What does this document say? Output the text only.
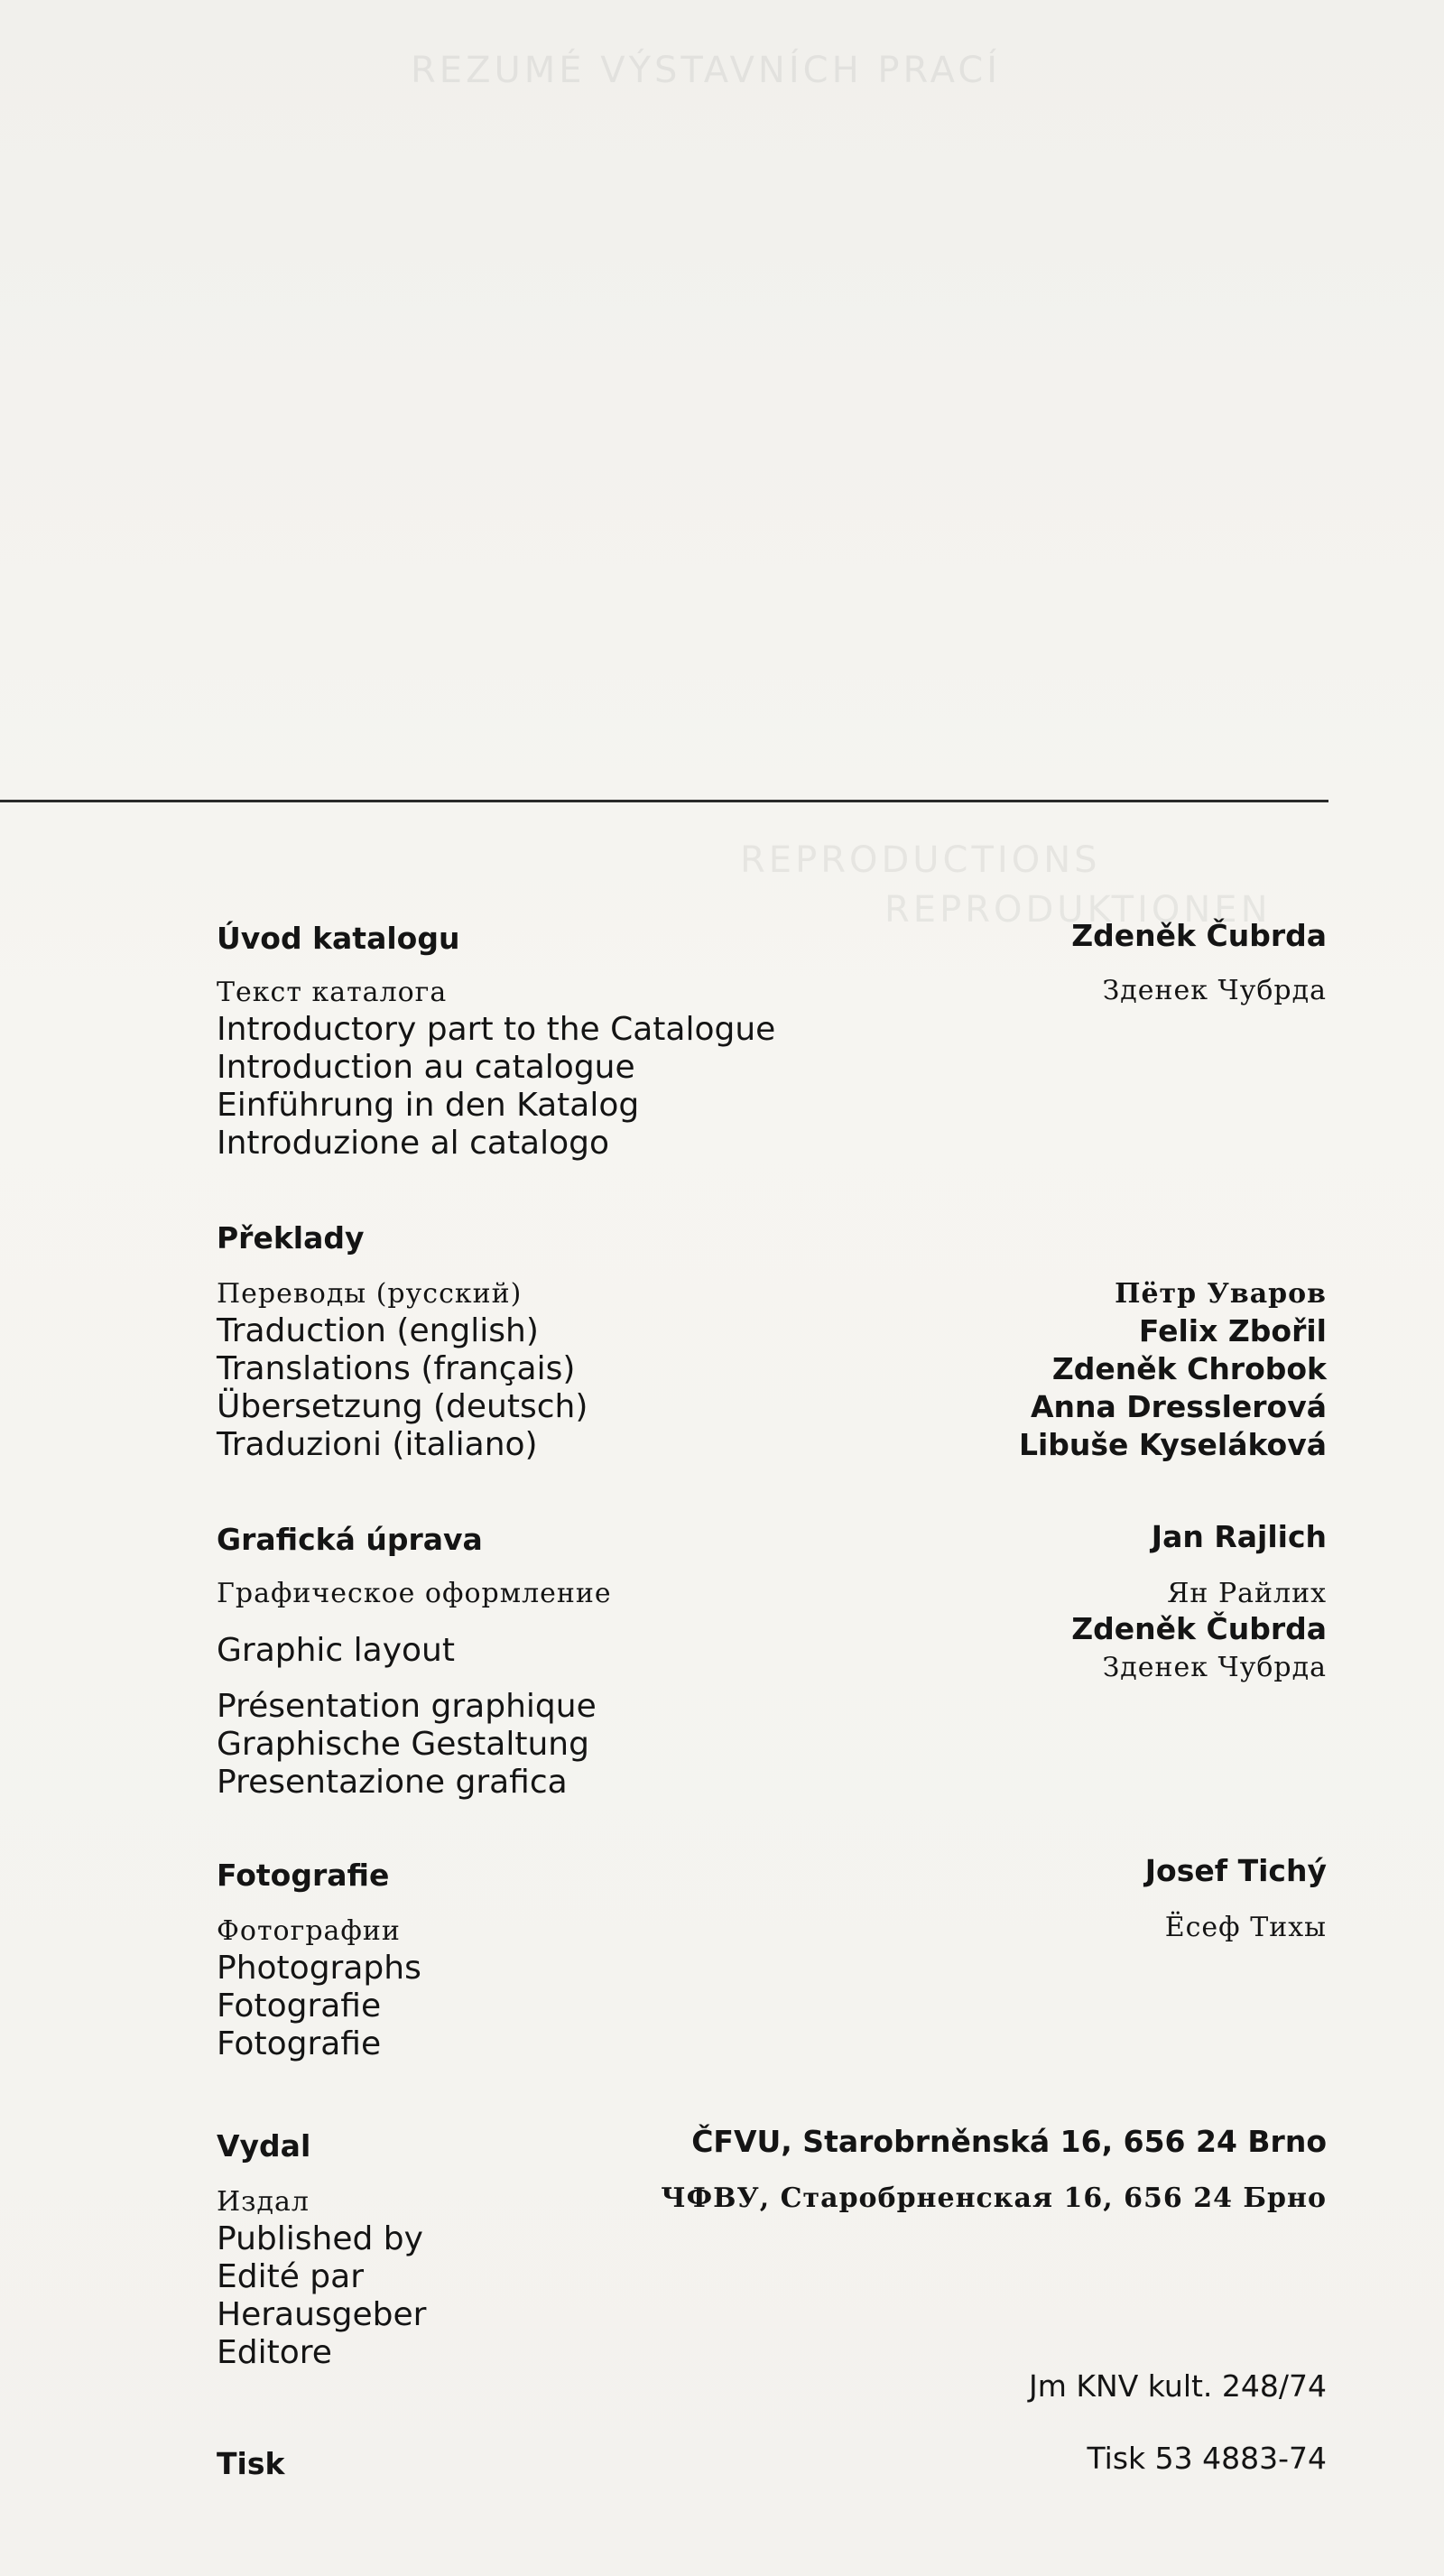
REZUMÉ VÝSTAVNÍCH PRACÍ
REPRODUCTIONS
REPRODUKTIONEN

Úvod katalogu	Zdeněk Čubrda

Зденек Чубрда

Текст каталога

Introductory part to the Catalogue

Introduction au catalogue

Einführung in den Katalog

Introduzione al catalogo

Překlady

Переводы (русский)

Traduction (english)

Translations (français)

Übersetzung (deutsch)

Traduzioni (italiano)

Пётр Уваров

Felix Zbořil

Zdeněk Chrobok

Anna Dresslerová

Libuše Kyseláková

Grafická úprava

Графическое оформление

Graphic layout

Présentation graphique

Graphische Gestaltung

Presentazione grafica

Jan Rajlich

Ян Райлих

Zdeněk Čubrda

Зденек Чубрда

Fotografie

Фотографии

Photographs

Fotografie

Fotografie

Josef Tichý

Ёсеф Тихы

Vydal

Издал

Published by

Edité par

Herausgeber

Editore

ČFVU, Starobrněnská 16, 656 24 Brno

ЧФВУ, Старобрненская 16, 656 24 Брно

Jm KNV kult. 248/74

Tisk	Tisk 53 4883-74
